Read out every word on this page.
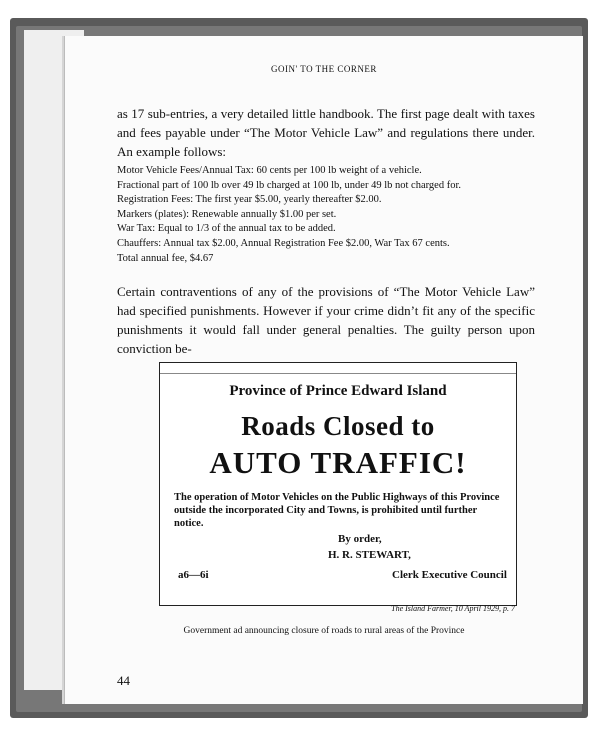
GOIN' TO THE CORNER
as 17 sub-entries, a very detailed little handbook. The first page dealt with taxes and fees payable under “The Motor Vehicle Law” and regulations there under. An example follows:
Motor Vehicle Fees/Annual Tax: 60 cents per 100 lb weight of a vehicle.
Fractional part of 100 lb over 49 lb charged at 100 lb, under 49 lb not charged for.
Registration Fees: The first year $5.00, yearly thereafter $2.00.
Markers (plates): Renewable annually $1.00 per set.
War Tax: Equal to 1/3 of the annual tax to be added.
Chauffers: Annual tax $2.00, Annual Registration Fee $2.00, War Tax 67 cents.
Total annual fee, $4.67
Certain contraventions of any of the provisions of “The Motor Vehicle Law” had specified punishments. However if your crime didn’t fit any of the specific punishments it would fall under general penalties. The guilty person upon conviction be-
Province of Prince Edward Island
Roads Closed to
AUTO TRAFFIC!
The operation of Motor Vehicles on the Public Highways of this Province outside the incorporated City and Towns, is prohibited until further notice.
By order,
H. R. STEWART,
a6—6i	Clerk Executive Council
The Island Farmer, 10 April 1929, p. 7
Government ad announcing closure of roads to rural areas of the Province
44
